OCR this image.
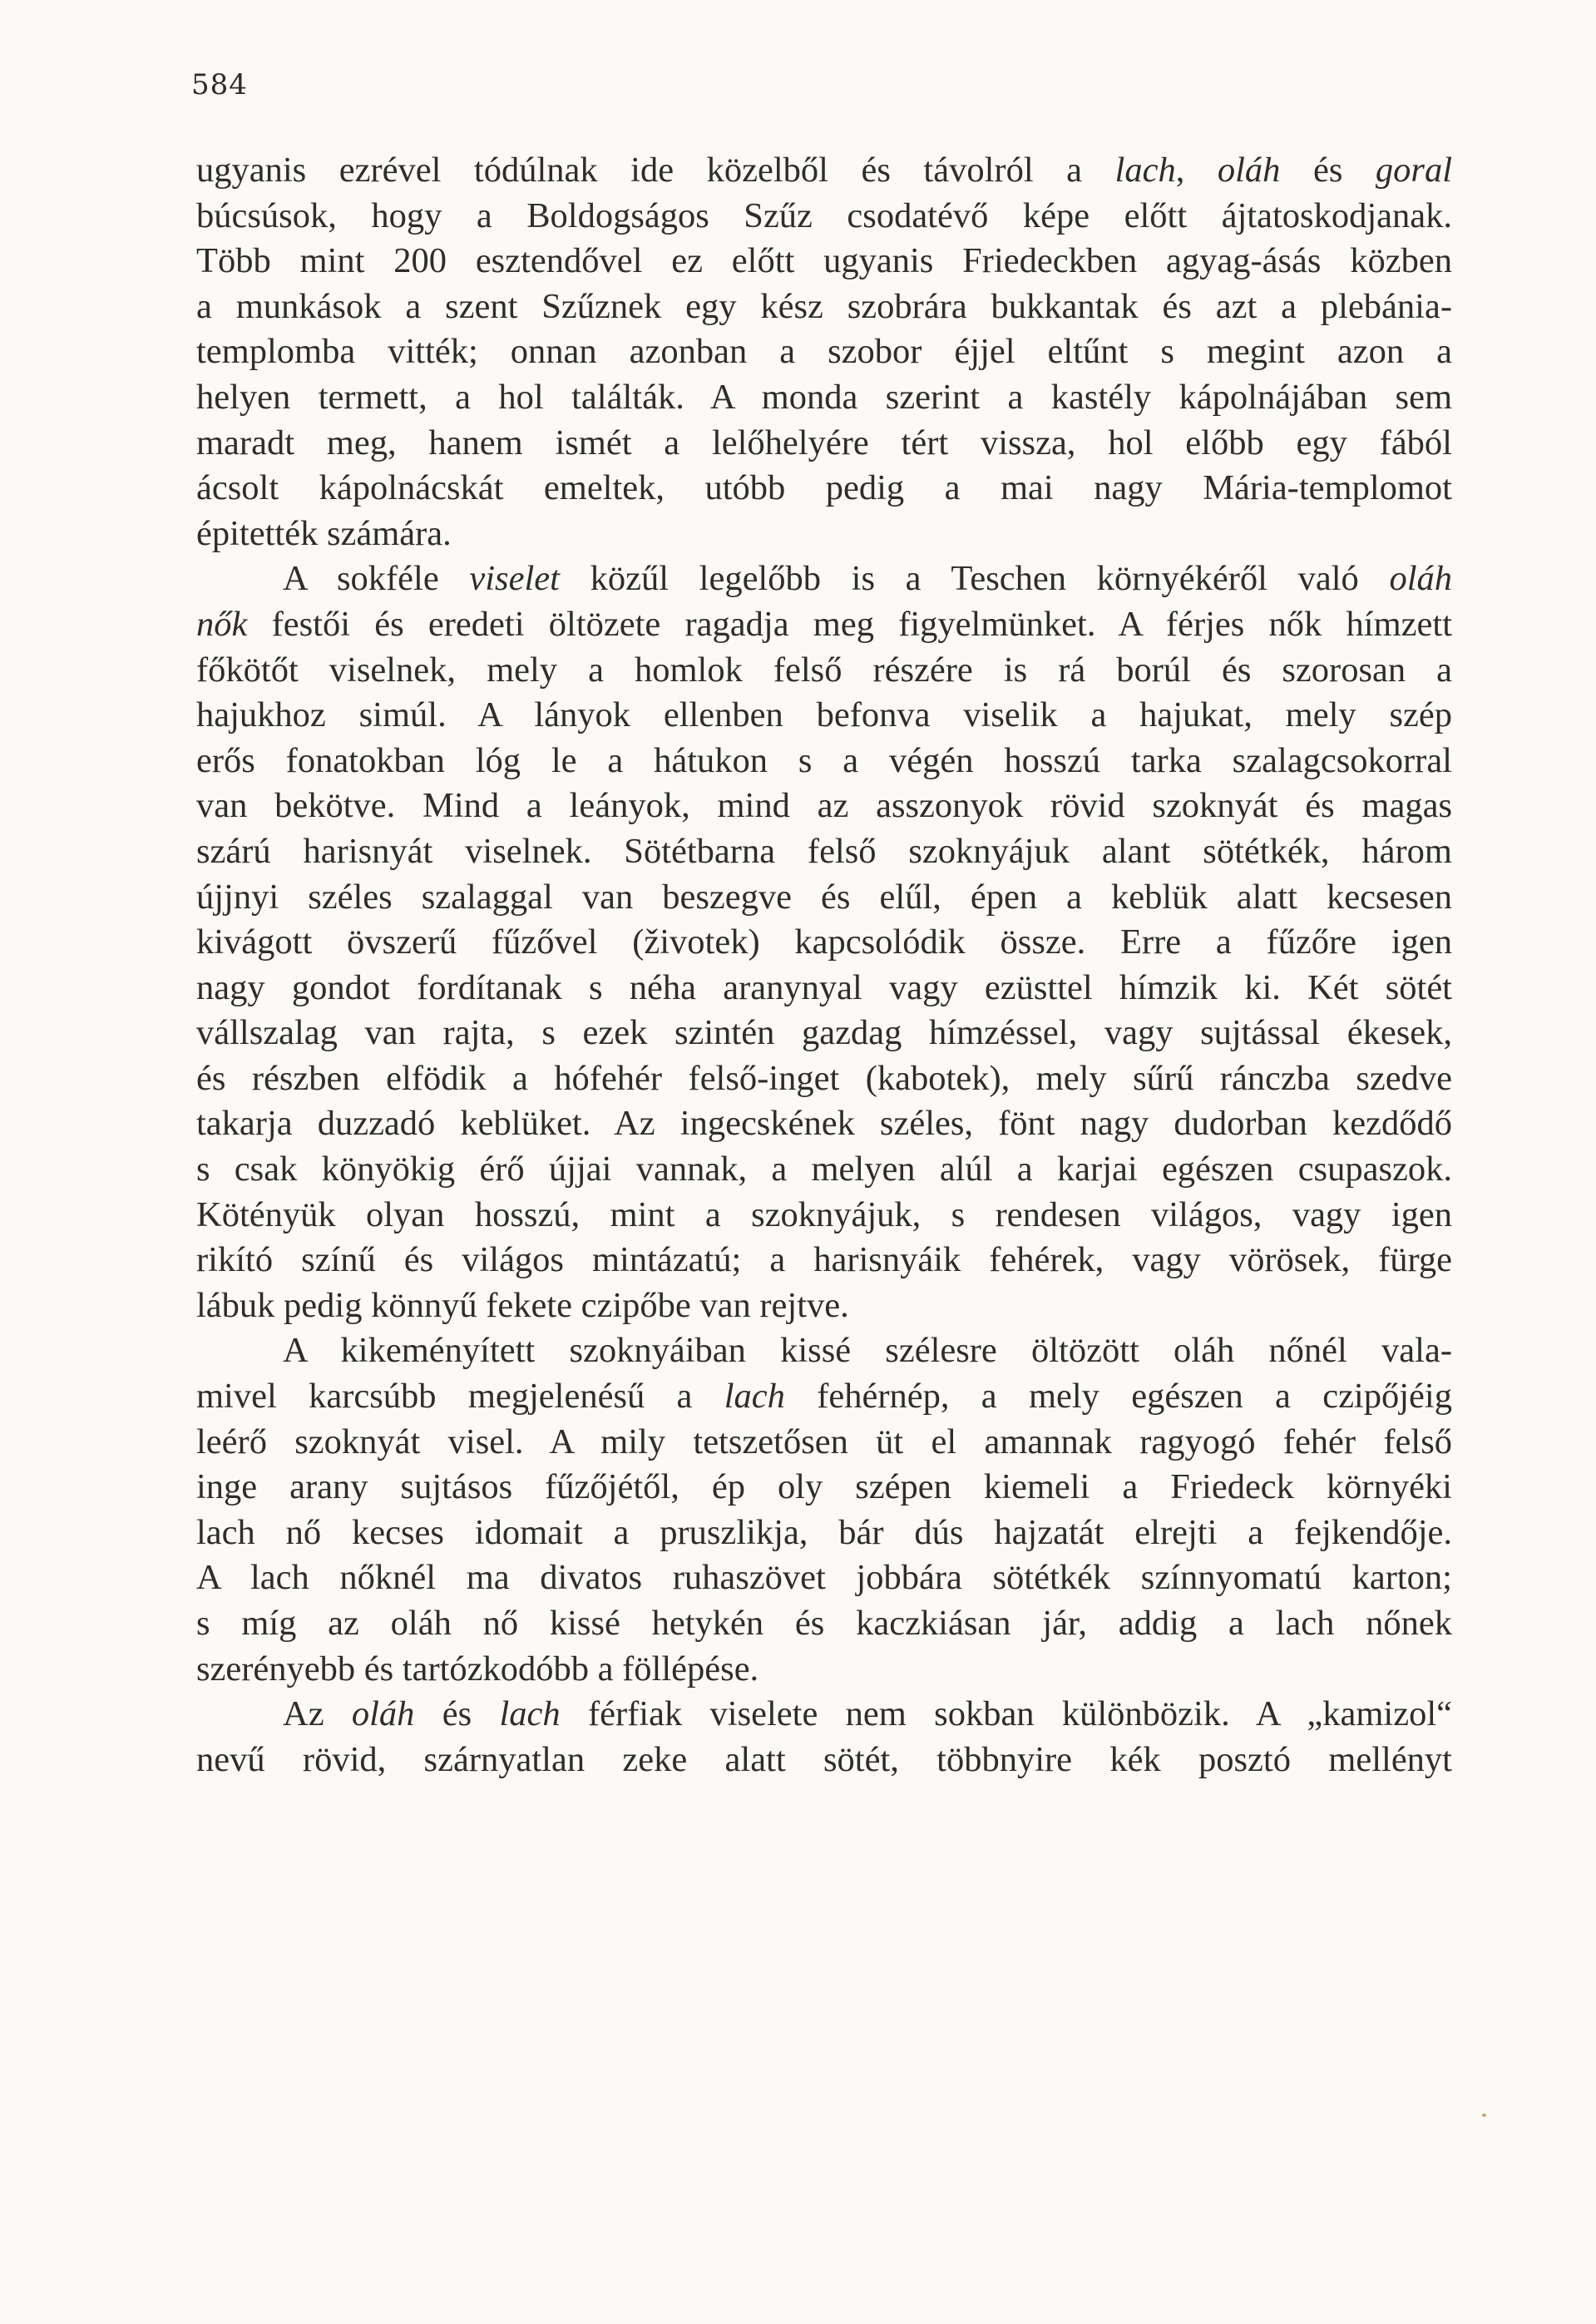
584
ugyanis ezrével tódúlnak ide közelből és távolról a lach, oláh és goral
búcsúsok, hogy a Boldogságos Szűz csodatévő képe előtt ájtatoskodjanak.
Több mint 200 esztendővel ez előtt ugyanis Friedeckben agyag-ásás közben
a munkások a szent Szűznek egy kész szobrára bukkantak és azt a plebánia-
templomba vitték; onnan azonban a szobor éjjel eltűnt s megint azon a
helyen termett, a hol találták. A monda szerint a kastély kápolnájában sem
maradt meg, hanem ismét a lelőhelyére tért vissza, hol előbb egy fából
ácsolt kápolnácskát emeltek, utóbb pedig a mai nagy Mária-templomot
épitették számára.
A sokféle viselet közűl legelőbb is a Teschen környékéről való oláh
nők festői és eredeti öltözete ragadja meg figyelmünket. A férjes nők hímzett
főkötőt viselnek, mely a homlok felső részére is rá borúl és szorosan a
hajukhoz simúl. A lányok ellenben befonva viselik a hajukat, mely szép
erős fonatokban lóg le a hátukon s a végén hosszú tarka szalagcsokorral
van bekötve. Mind a leányok, mind az asszonyok rövid szoknyát és magas
szárú harisnyát viselnek. Sötétbarna felső szoknyájuk alant sötétkék, három
újjnyi széles szalaggal van beszegve és elűl, épen a keblük alatt kecsesen
kivágott övszerű fűzővel (životek) kapcsolódik össze. Erre a fűzőre igen
nagy gondot fordítanak s néha aranynyal vagy ezüsttel hímzik ki. Két sötét
vállszalag van rajta, s ezek szintén gazdag hímzéssel, vagy sujtással ékesek,
és részben elfödik a hófehér felső-inget (kabotek), mely sűrű ránczba szedve
takarja duzzadó keblüket. Az ingecskének széles, fönt nagy dudorban kezdődő
s csak könyökig érő újjai vannak, a melyen alúl a karjai egészen csupaszok.
Kötényük olyan hosszú, mint a szoknyájuk, s rendesen világos, vagy igen
rikító színű és világos mintázatú; a harisnyáik fehérek, vagy vörösek, fürge
lábuk pedig könnyű fekete czipőbe van rejtve.
A kikeményített szoknyáiban kissé szélesre öltözött oláh nőnél vala-
mivel karcsúbb megjelenésű a lach fehérnép, a mely egészen a czipőjéig
leérő szoknyát visel. A mily tetszetősen üt el amannak ragyogó fehér felső
inge arany sujtásos fűzőjétől, ép oly szépen kiemeli a Friedeck környéki
lach nő kecses idomait a pruszlikja, bár dús hajzatát elrejti a fejkendője.
A lach nőknél ma divatos ruhaszövet jobbára sötétkék színnyomatú karton;
s míg az oláh nő kissé hetykén és kaczkiásan jár, addig a lach nőnek
szerényebb és tartózkodóbb a föllépése.
Az oláh és lach férfiak viselete nem sokban különbözik. A „kamizol“
nevű rövid, szárnyatlan zeke alatt sötét, többnyire kék posztó mellényt
